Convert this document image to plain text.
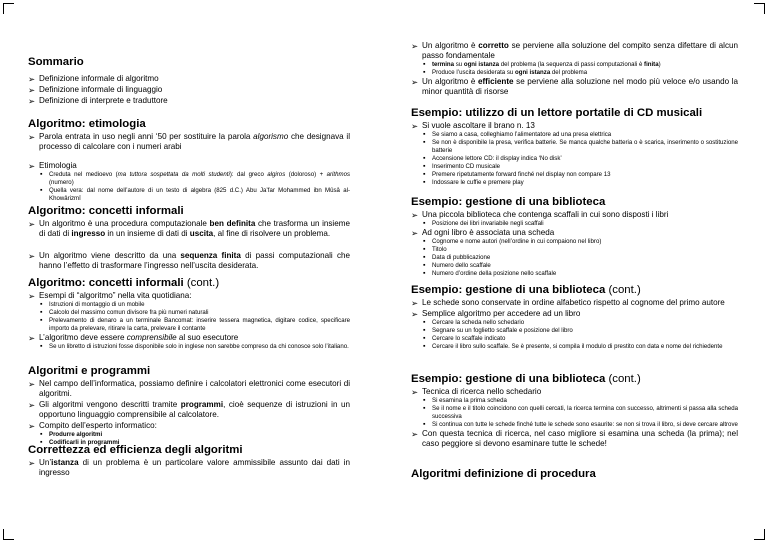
Sommario
➢ Definizione informale di algoritmo
➢ Definizione informale di linguaggio
➢ Definizione di interprete e traduttore
Algoritmo: etimologia
➢ Parola entrata in uso negli anni ‘50 per sostituire la parola algorismo che designava il processo di calcolare con i numeri arabi
➢ Etimologia
▪ Creduta nel medioevo (ma tuttora sospettata da molti studenti): dal greco algiros (doloroso) + arithmos (numero)
▪ Quella vera: dal nome dell’autore di un testo di algebra (825 d.C.) Abu Ja’far Mohammed ibn Mûsâ al-Khowârizmî
Algoritmo: concetti informali
➢ Un algoritmo è una procedura computazionale ben definita che trasforma un insieme di dati di ingresso in un insieme di dati di uscita, al fine di risolvere un problema.
➢ Un algoritmo viene descritto da una sequenza finita di passi computazionali che hanno l’effetto di trasformare l’ingresso nell’uscita desiderata.
Algoritmo: concetti informali (cont.)
➢ Esempi di “algoritmo” nella vita quotidiana:
▪ Istruzioni di montaggio di un mobile
▪ Calcolo del massimo comun divisore fra più numeri naturali
▪ Prelevamento di denaro a un terminale Bancomat: inserire tessera magnetica, digitare codice, specificare importo da prelevare, ritirare la carta, prelevare il contante
➢ L’algoritmo deve essere comprensibile al suo esecutore
▪ Se un libretto di istruzioni fosse disponibile solo in inglese non sarebbe compreso da chi conosce solo l’italiano.
Algoritmi e programmi
➢ Nel campo dell’informatica, possiamo definire i calcolatori elettronici come esecutori di algoritmi.
➢ Gli algoritmi vengono descritti tramite programmi, cioè sequenze di istruzioni in un opportuno linguaggio comprensibile al calcolatore.
➢ Compito dell’esperto informatico:
▪ Produrre algoritmi
▪ Codificarli in programmi
Correttezza ed efficienza degli algoritmi
➢ Un’istanza di un problema è un particolare valore ammissibile assunto dai dati in ingresso
➢ Un algoritmo è corretto se perviene alla soluzione del compito senza difettare di alcun passo fondamentale
▪ termina su ogni istanza del problema (la sequenza di passi computazionali è finita)
▪ Produce l’uscita desiderata su ogni istanza del problema
➢ Un algoritmo è efficiente se perviene alla soluzione nel modo più veloce e/o usando la minor quantità di risorse
Esempio: utilizzo di un lettore portatile di CD musicali
➢ Si vuole ascoltare il brano n. 13
▪ Se siamo a casa, colleghiamo l’alimentatore ad una presa elettrica
▪ Se non è disponibile la presa, verifica batterie. Se manca qualche batteria o è scarica, inserimento o sostituzione batterie
▪ Accensione lettore CD: il display indica ‘No disk’
▪ Inserimento CD musicale
▪ Premere ripetutamente forward finché nel display non compare 13
▪ Indossare le cuffie e premere play
Esempio: gestione di una biblioteca
➢ Una piccola biblioteca che contenga scaffali in cui sono disposti i libri
▪ Posizione dei libri invariabile negli scaffali
➢ Ad ogni libro è associata una scheda
▪ Cognome e nome autori (nell’ordine in cui compaiono nel libro)
▪ Titolo
▪ Data di pubblicazione
▪ Numero dello scaffale
▪ Numero d’ordine della posizione nello scaffale
Esempio: gestione di una biblioteca (cont.)
➢ Le schede sono conservate in ordine alfabetico rispetto al cognome del primo autore
➢ Semplice algoritmo per accedere ad un libro
▪ Cercare la scheda nello schedario
▪ Segnare su un foglietto scaffale e posizione del libro
▪ Cercare lo scaffale indicato
▪ Cercare il libro sullo scaffale. Se è presente, si compila il modulo di prestito con data e nome del richiedente
Esempio: gestione di una biblioteca (cont.)
➢ Tecnica di ricerca nello schedario
▪ Si esamina la prima scheda
▪ Se il nome e il titolo coincidono con quelli cercati, la ricerca termina con successo, altrimenti si passa alla scheda successiva
▪ Si continua con tutte le schede finché tutte le schede sono esaurite: se non si trova il libro, si deve cercare altrove
➢ Con questa tecnica di ricerca, nel caso migliore si esamina una scheda (la prima); nel caso peggiore si devono esaminare tutte le schede!
Algoritmi definizione di procedura
